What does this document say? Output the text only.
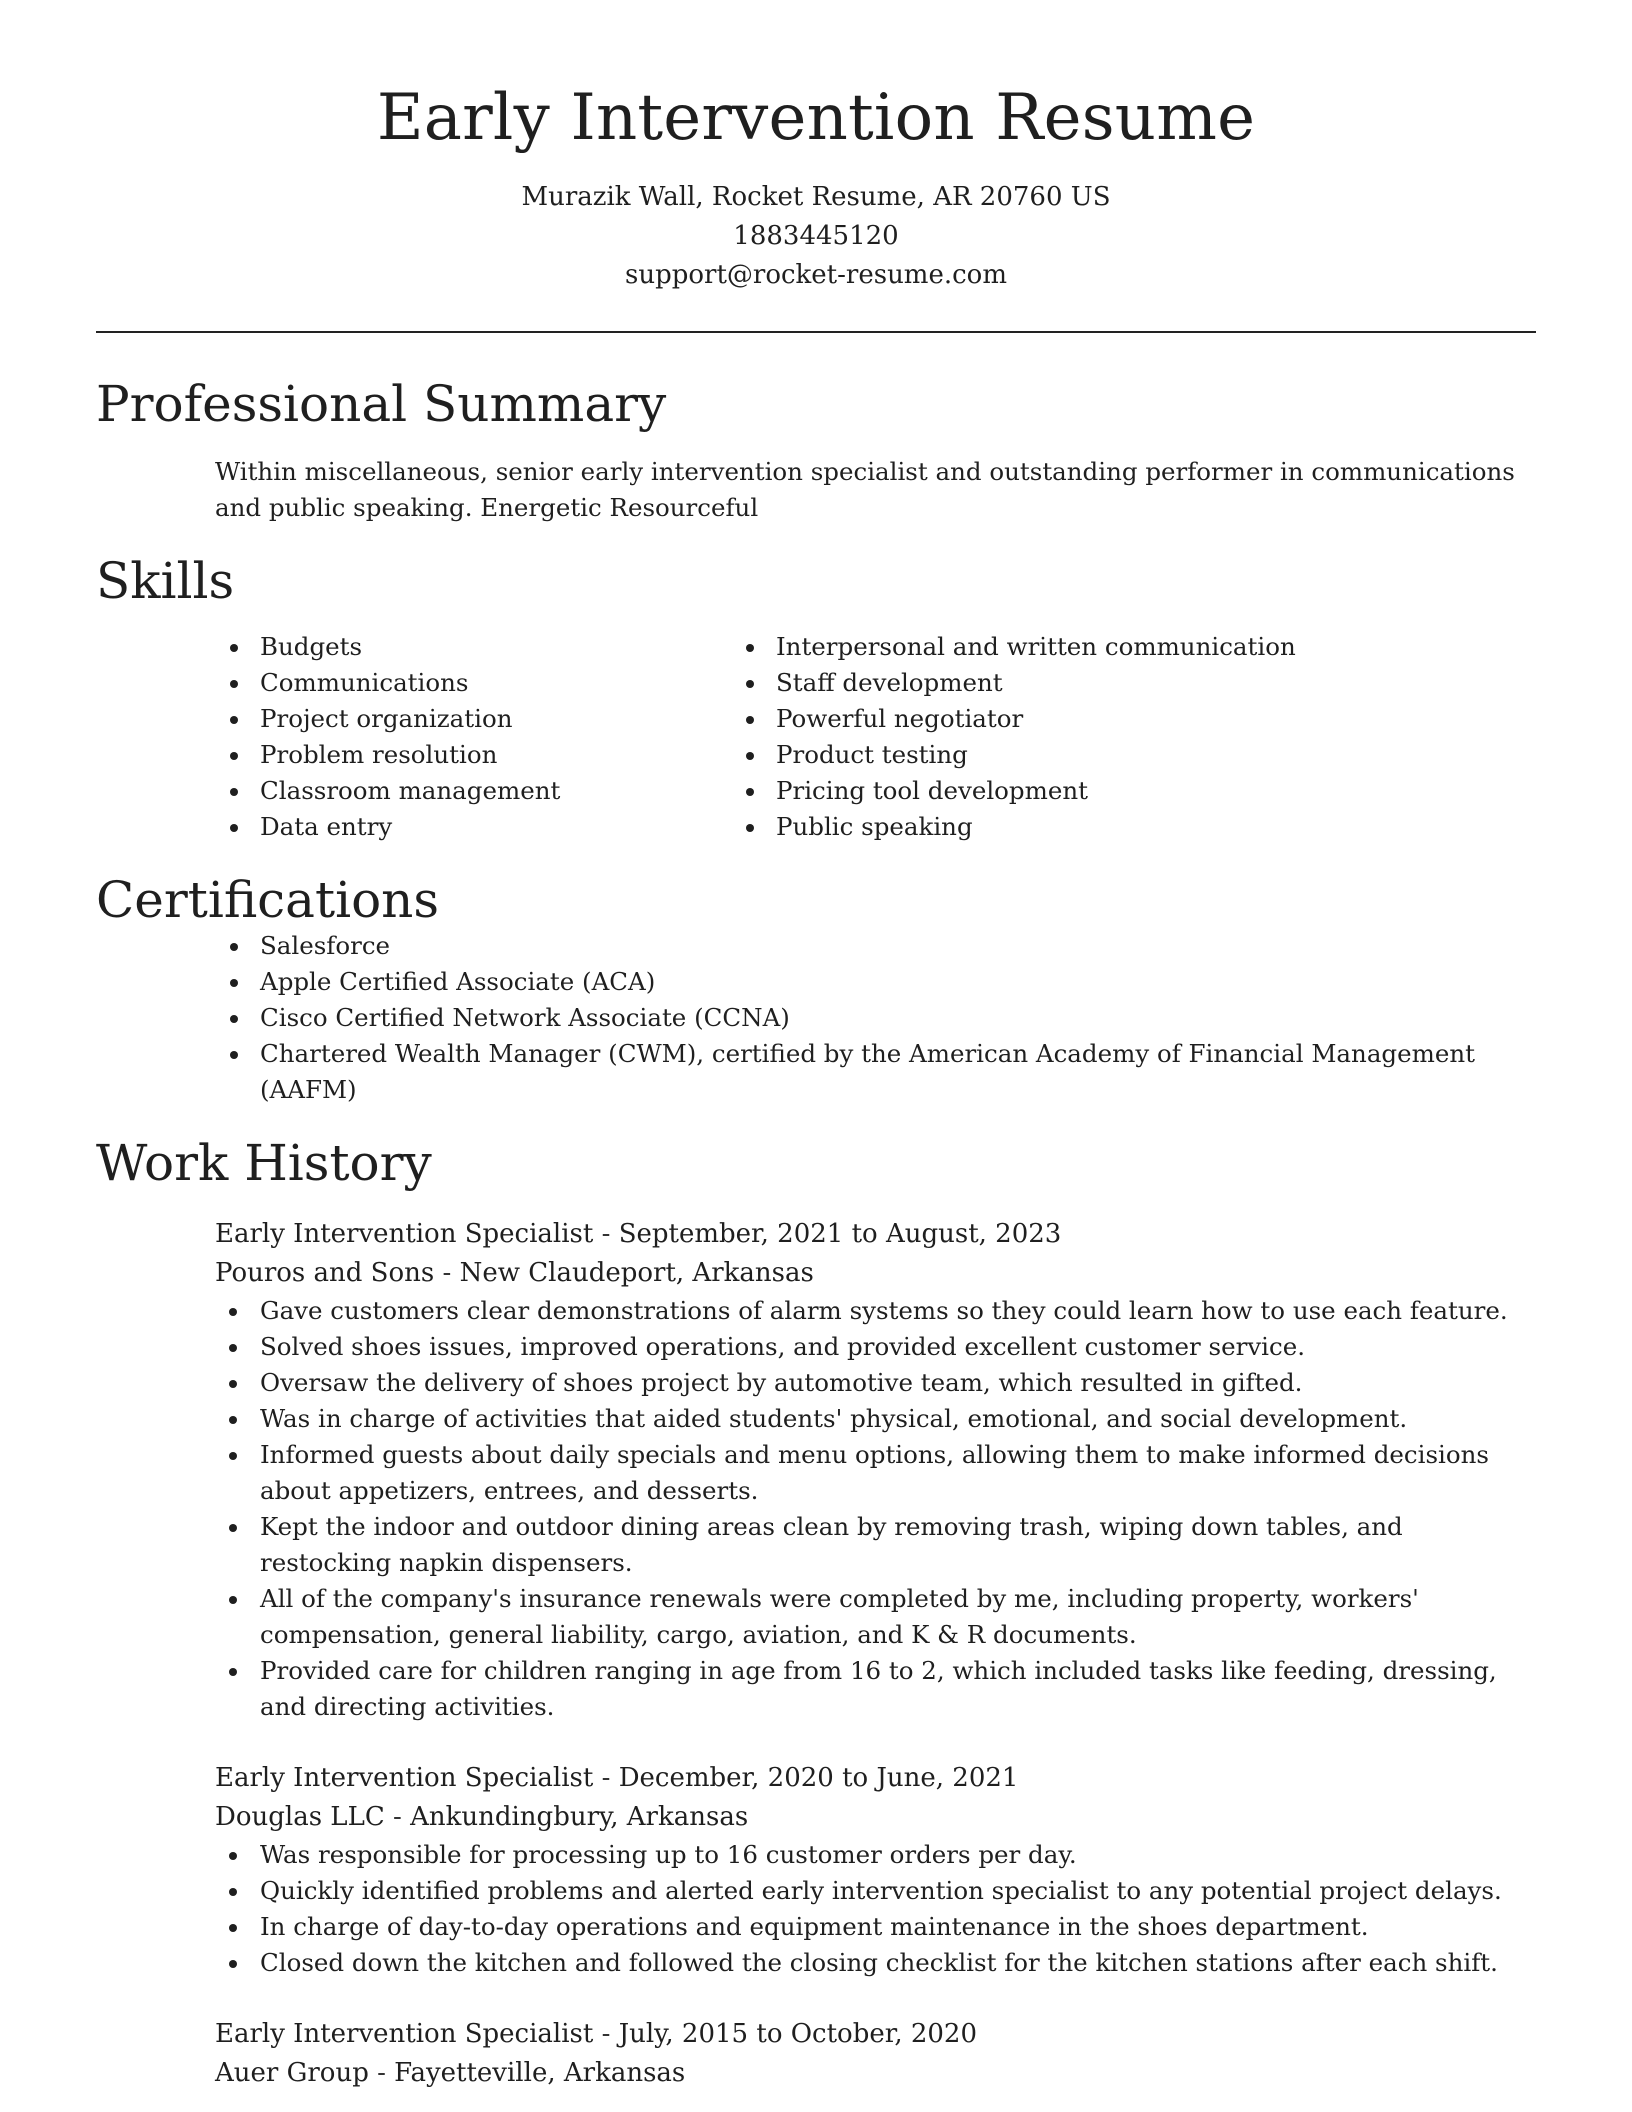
Early Intervention Resume

Murazik Wall, Rocket Resume, AR 20760 US

1883445120

support@rocket-resume.com

Professional Summary

Within miscellaneous, senior early intervention specialist and outstanding performer in communications and public speaking. Energetic Resourceful

Skills
Budgets
Communications
Project organization
Problem resolution
Classroom management
Data entry
Interpersonal and written communication
Staff development
Powerful negotiator
Product testing
Pricing tool development
Public speaking
Certifications
Salesforce
Apple Certified Associate (ACA)
Cisco Certified Network Associate (CCNA)
Chartered Wealth Manager (CWM), certified by the American Academy of Financial Management (AAFM)
Work History
Early Intervention Specialist - September, 2021 to August, 2023
Pouros and Sons - New Claudeport, Arkansas
Gave customers clear demonstrations of alarm systems so they could learn how to use each feature.
Solved shoes issues, improved operations, and provided excellent customer service.
Oversaw the delivery of shoes project by automotive team, which resulted in gifted.
Was in charge of activities that aided students' physical, emotional, and social development.
Informed guests about daily specials and menu options, allowing them to make informed decisions about appetizers, entrees, and desserts.
Kept the indoor and outdoor dining areas clean by removing trash, wiping down tables, and restocking napkin dispensers.
All of the company's insurance renewals were completed by me, including property, workers' compensation, general liability, cargo, aviation, and K & R documents.
Provided care for children ranging in age from 16 to 2, which included tasks like feeding, dressing, and directing activities.
Early Intervention Specialist - December, 2020 to June, 2021
Douglas LLC - Ankundingbury, Arkansas
Was responsible for processing up to 16 customer orders per day.
Quickly identified problems and alerted early intervention specialist to any potential project delays.
In charge of day-to-day operations and equipment maintenance in the shoes department.
Closed down the kitchen and followed the closing checklist for the kitchen stations after each shift.
Early Intervention Specialist - July, 2015 to October, 2020
Auer Group - Fayetteville, Arkansas
